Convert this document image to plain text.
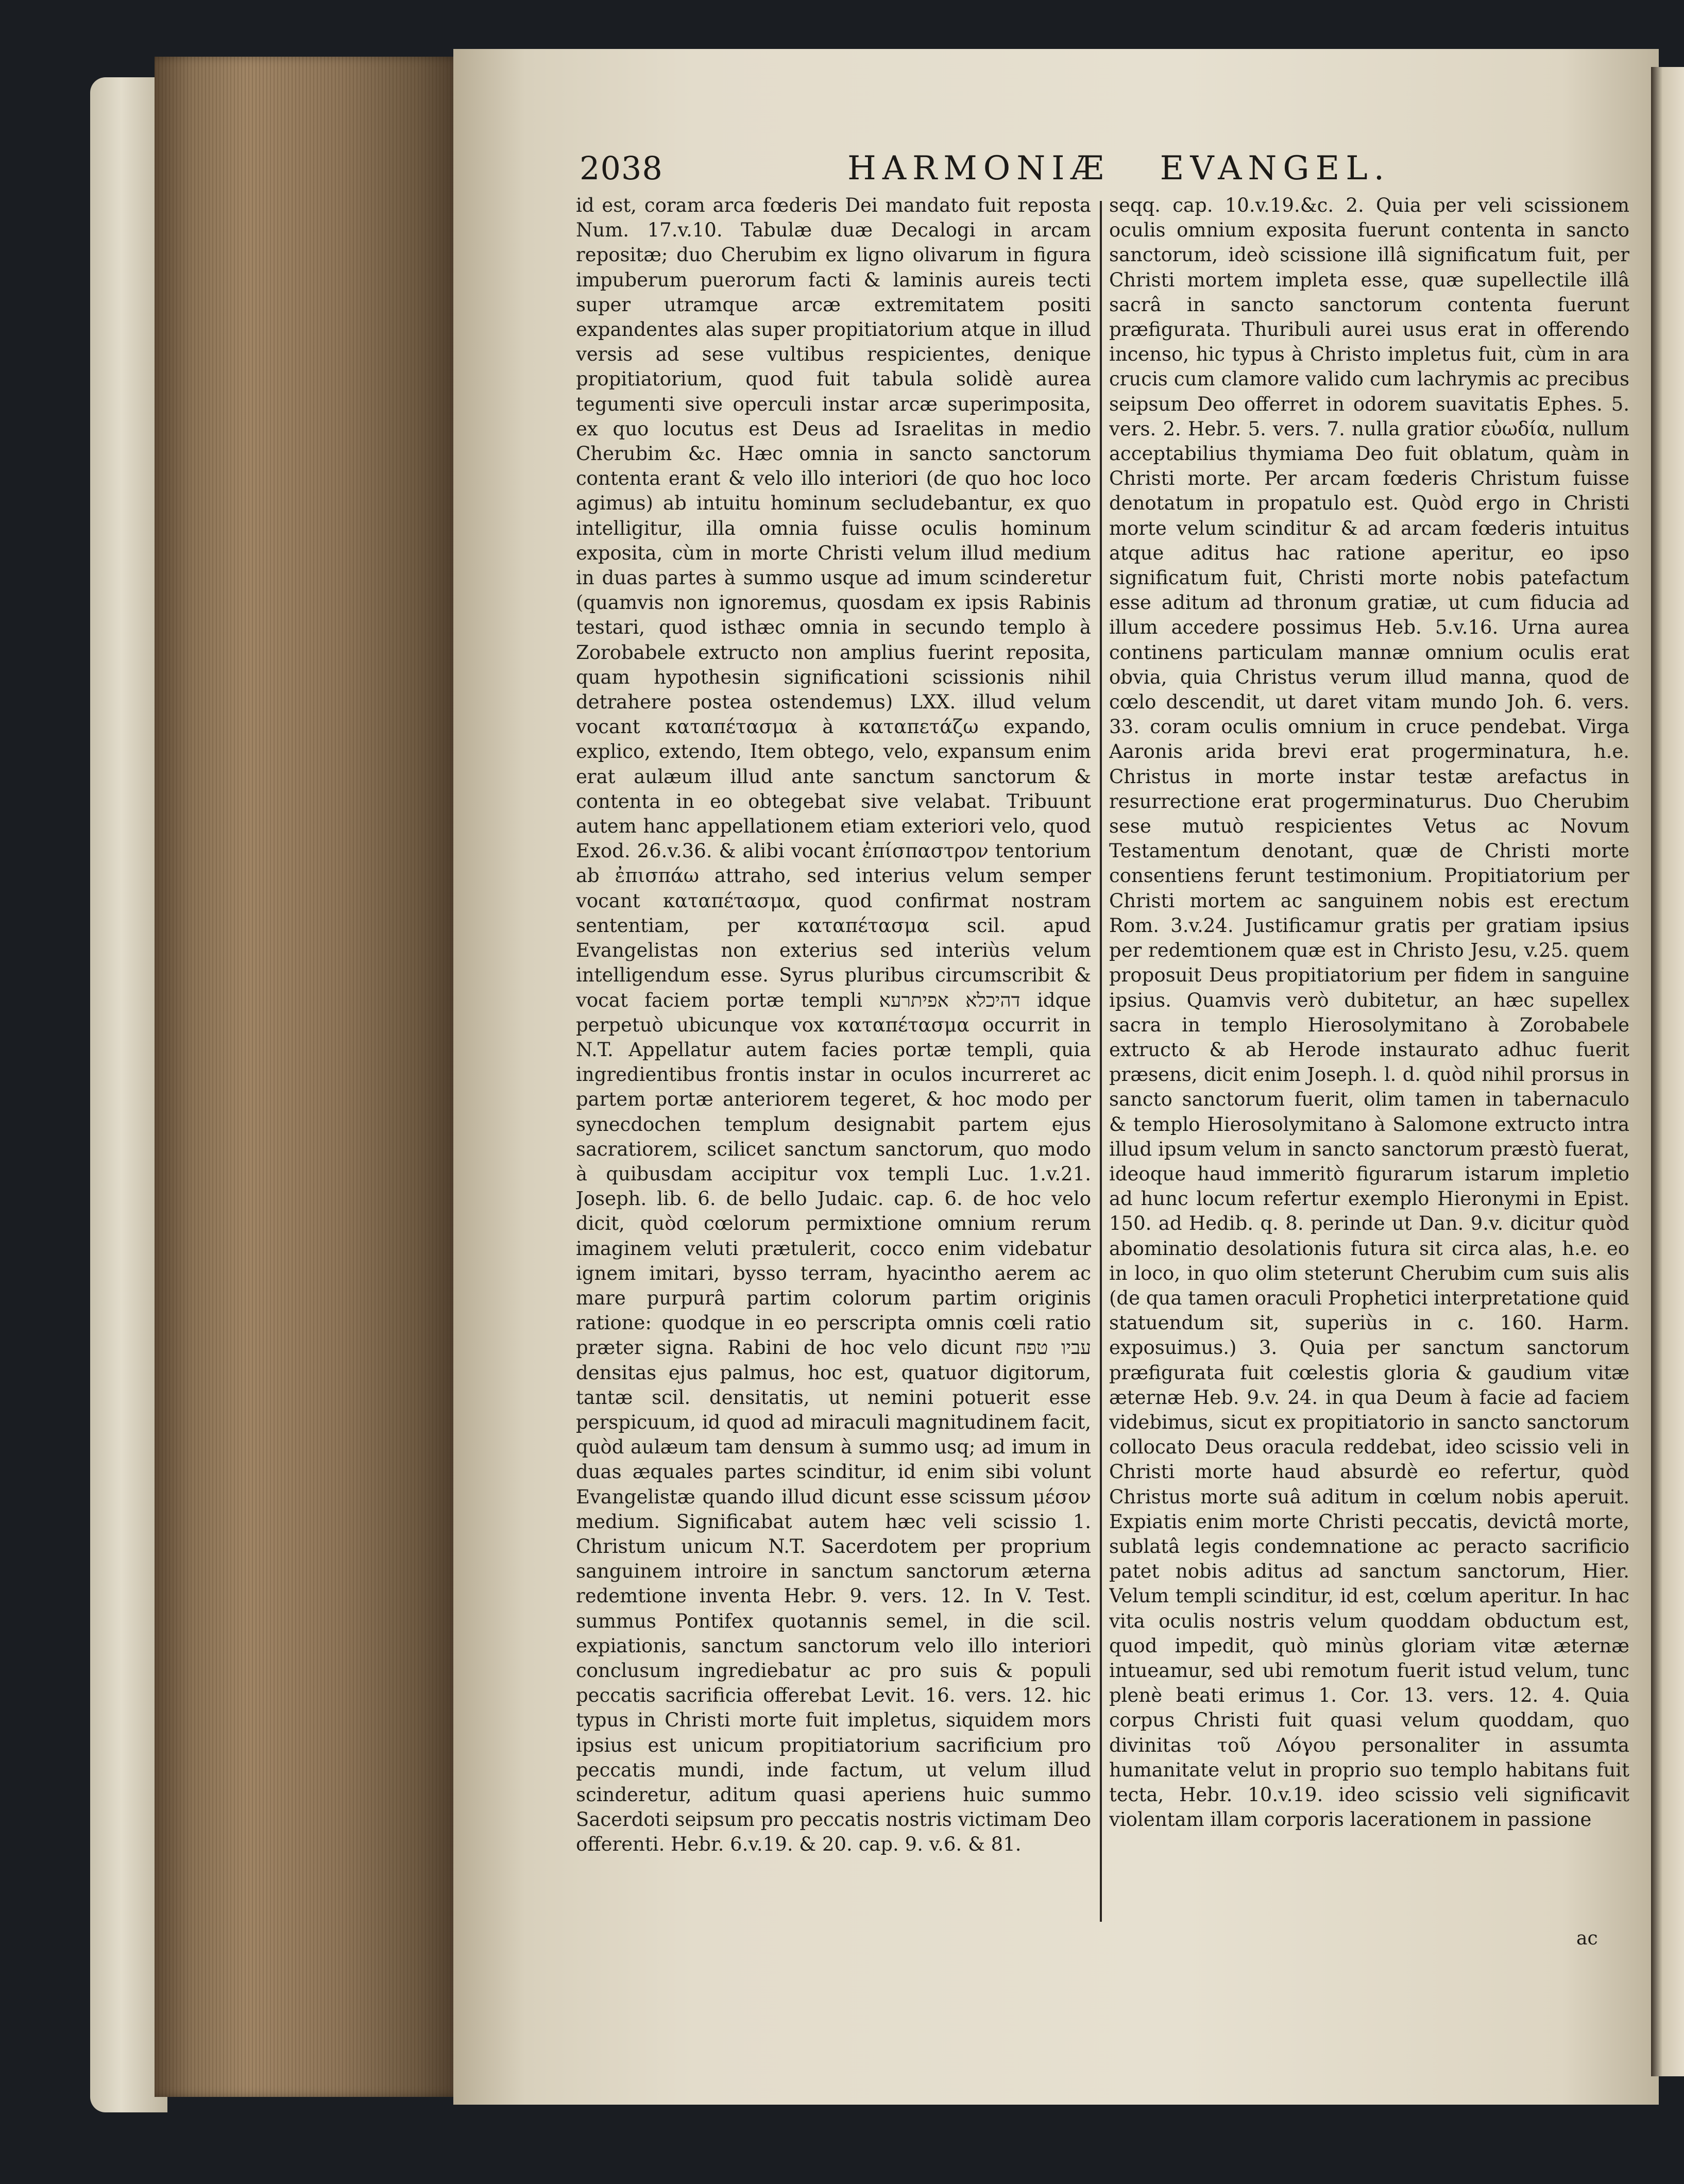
2038	HARMONIÆ   EVANGEL.
id est, coram arca fœderis Dei mandato fuit reposta Num. 17.v.10. Tabulæ duæ Decalogi in arcam repositæ; duo Cherubim ex ligno olivarum in figura impuberum puerorum facti & laminis aureis tecti super utramque arcæ extremitatem positi expandentes alas super propitiatorium atque in illud versis ad sese vultibus respicientes, denique propitiatorium, quod fuit tabula solidè aurea tegumenti sive operculi instar arcæ superimposita, ex quo locutus est Deus ad Israelitas in medio Cherubim &c. Hæc omnia in sancto sanctorum contenta erant & velo illo interiori (de quo hoc loco agimus) ab intuitu hominum secludebantur, ex quo intelligitur, illa omnia fuisse oculis hominum exposita, cùm in morte Christi velum illud medium in duas partes à summo usque ad imum scinderetur (quamvis non ignoremus, quosdam ex ipsis Rabinis testari, quod isthæc omnia in secundo templo à Zorobabele extructo non amplius fuerint reposita, quam hypothesin significationi scissionis nihil detrahere postea ostendemus) LXX. illud velum vocant καταπέτασμα à καταπετάζω expando, explico, extendo, Item obtego, velo, expansum enim erat aulæum illud ante sanctum sanctorum & contenta in eo obtegebat sive velabat. Tribuunt autem hanc appellationem etiam exteriori velo, quod Exod. 26.v.36. & alibi vocant ἐπίσπαστρον tentorium ab ἐπισπάω attraho, sed interius velum semper vocant καταπέτασμα, quod confirmat nostram sententiam, per καταπέτασμα scil. apud Evangelistas non exterius sed interiùs velum intelligendum esse. Syrus pluribus circumscribit & vocat faciem portæ templi דהיכלא אפיתרעא idque perpetuò ubicunque vox καταπέτασμα occurrit in N.T. Appellatur autem facies portæ templi, quia ingredientibus frontis instar in oculos incurreret ac partem portæ anteriorem tegeret, & hoc modo per synecdochen templum designabit partem ejus sacratiorem, scilicet sanctum sanctorum, quo modo à quibusdam accipitur vox templi Luc. 1.v.21. Joseph. lib. 6. de bello Judaic. cap. 6. de hoc velo dicit, quòd cœlorum permixtione omnium rerum imaginem veluti prætulerit, cocco enim videbatur ignem imitari, bysso terram, hyacintho aerem ac mare purpurâ partim colorum partim originis ratione: quodque in eo perscripta omnis cœli ratio præter signa. Rabini de hoc velo dicunt עביו טפח densitas ejus palmus, hoc est, quatuor digitorum, tantæ scil. densitatis, ut nemini potuerit esse perspicuum, id quod ad miraculi magnitudinem facit, quòd aulæum tam densum à summo usq; ad imum in duas æquales partes scinditur, id enim sibi volunt Evangelistæ quando illud dicunt esse scissum μέσον medium. Significabat autem hæc veli scissio 1. Christum unicum N.T. Sacerdotem per proprium sanguinem introire in sanctum sanctorum æterna redemtione inventa Hebr. 9. vers. 12. In V. Test. summus Pontifex quotannis semel, in die scil. expiationis, sanctum sanctorum velo illo interiori conclusum ingrediebatur ac pro suis & populi peccatis sacrificia offerebat Levit. 16. vers. 12. hic typus in Christi morte fuit impletus, siquidem mors ipsius est unicum propitiatorium sacrificium pro peccatis mundi, inde factum, ut velum illud scinderetur, aditum quasi aperiens huic summo Sacerdoti seipsum pro peccatis nostris victimam Deo offerenti. Hebr. 6.v.19. & 20. cap. 9. v.6. & 81.
seqq. cap. 10.v.19.&c. 2. Quia per veli scissionem oculis omnium exposita fuerunt contenta in sancto sanctorum, ideò scissione illâ significatum fuit, per Christi mortem impleta esse, quæ supellectile illâ sacrâ in sancto sanctorum contenta fuerunt præfigurata. Thuribuli aurei usus erat in offerendo incenso, hic typus à Christo impletus fuit, cùm in ara crucis cum clamore valido cum lachrymis ac precibus seipsum Deo offerret in odorem suavitatis Ephes. 5. vers. 2. Hebr. 5. vers. 7. nulla gratior εὐωδία, nullum acceptabilius thymiama Deo fuit oblatum, quàm in Christi morte. Per arcam fœderis Christum fuisse denotatum in propatulo est. Quòd ergo in Christi morte velum scinditur & ad arcam fœderis intuitus atque aditus hac ratione aperitur, eo ipso significatum fuit, Christi morte nobis patefactum esse aditum ad thronum gratiæ, ut cum fiducia ad illum accedere possimus Heb. 5.v.16. Urna aurea continens particulam mannæ omnium oculis erat obvia, quia Christus verum illud manna, quod de cœlo descendit, ut daret vitam mundo Joh. 6. vers. 33. coram oculis omnium in cruce pendebat. Virga Aaronis arida brevi erat progerminatura, h.e. Christus in morte instar testæ arefactus in resurrectione erat progerminaturus. Duo Cherubim sese mutuò respicientes Vetus ac Novum Testamentum denotant, quæ de Christi morte consentiens ferunt testimonium. Propitiatorium per Christi mortem ac sanguinem nobis est erectum Rom. 3.v.24. Justificamur gratis per gratiam ipsius per redemtionem quæ est in Christo Jesu, v.25. quem proposuit Deus propitiatorium per fidem in sanguine ipsius. Quamvis verò dubitetur, an hæc supellex sacra in templo Hierosolymitano à Zorobabele extructo & ab Herode instaurato adhuc fuerit præsens, dicit enim Joseph. l. d. quòd nihil prorsus in sancto sanctorum fuerit, olim tamen in tabernaculo & templo Hierosolymitano à Salomone extructo intra illud ipsum velum in sancto sanctorum præstò fuerat, ideoque haud immeritò figurarum istarum impletio ad hunc locum refertur exemplo Hieronymi in Epist. 150. ad Hedib. q. 8. perinde ut Dan. 9.v. dicitur quòd abominatio desolationis futura sit circa alas, h.e. eo in loco, in quo olim steterunt Cherubim cum suis alis (de qua tamen oraculi Prophetici interpretatione quid statuendum sit, superiùs in c. 160. Harm. exposuimus.) 3. Quia per sanctum sanctorum præfigurata fuit cœlestis gloria & gaudium vitæ æternæ Heb. 9.v. 24. in qua Deum à facie ad faciem videbimus, sicut ex propitiatorio in sancto sanctorum collocato Deus oracula reddebat, ideo scissio veli in Christi morte haud absurdè eo refertur, quòd Christus morte suâ aditum in cœlum nobis aperuit. Expiatis enim morte Christi peccatis, devictâ morte, sublatâ legis condemnatione ac peracto sacrificio patet nobis aditus ad sanctum sanctorum, Hier. Velum templi scinditur, id est, cœlum aperitur. In hac vita oculis nostris velum quoddam obductum est, quod impedit, quò minùs gloriam vitæ æternæ intueamur, sed ubi remotum fuerit istud velum, tunc plenè beati erimus 1. Cor. 13. vers. 12. 4. Quia corpus Christi fuit quasi velum quoddam, quo divinitas τοῦ Λόγου personaliter in assumta humanitate velut in proprio suo templo habitans fuit tecta, Hebr. 10.v.19. ideo scissio veli significavit violentam illam corporis lacerationem in passione
ac
